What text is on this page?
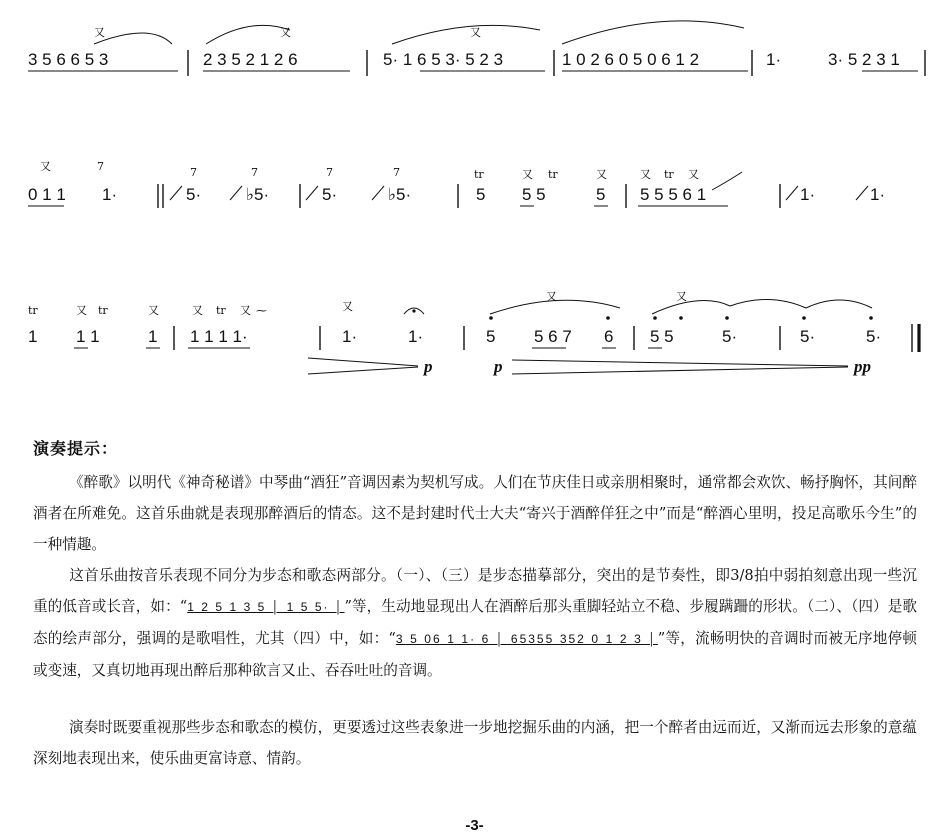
又	又	又
3 5 6 6 5 3	2 3 5 2 1 2 6	5· 1 6 5 3· 5 2 3	1 0 2 6 0 5 0 6 1 2	1·	3· 5 2 3 1
又	7	7	7	7	7	tr	又 tr	又	又 tr 又
0 1 1 1·	5·	♭5·	5·	♭5·	5 5 5	5 5 5 5 6 1	1·	1·
tr	又 tr	又	又 tr 又 ⁓	又
又	又
1 1 1	1 1 1 1 1·	1·	1·	5 5 6 7 6 5 5	5·	5·	5·
p	p	pp
演奏提示：

《醉歌》以明代《神奇秘谱》中琴曲“酒狂”音调因素为契机写成。人们在节庆佳日或亲朋相聚时，通常都会欢饮、畅抒胸怀，其间醉酒者在所难免。这首乐曲就是表现那醉酒后的情态。这不是封建时代士大夫“寄兴于酒醉佯狂之中”而是“醉酒心里明，投足高歌乐今生”的一种情趣。

这首乐曲按音乐表现不同分为步态和歌态两部分。（一）、（三）是步态描摹部分，突出的是节奏性，即3/8拍中弱拍刻意出现一些沉重的低音或长音，如：“1 2 5 1 3 5 │ 1 5 5· │”等，生动地显现出人在酒醉后那头重脚轻站立不稳、步履蹒跚的形状。（二）、（四）是歌态的绘声部分，强调的是歌唱性，尤其（四）中，如：“3 5 06 1 1· 6 │ 65355 352 0 1 2 3 │”等，流畅明快的音调时而被无序地停顿或变速，又真切地再现出醉后那种欲言又止、吞吞吐吐的音调。

演奏时既要重视那些步态和歌态的模仿，更要透过这些表象进一步地挖掘乐曲的内涵，把一个醉者由远而近，又渐而远去形象的意蕴深刻地表现出来，使乐曲更富诗意、情韵。

-3-
